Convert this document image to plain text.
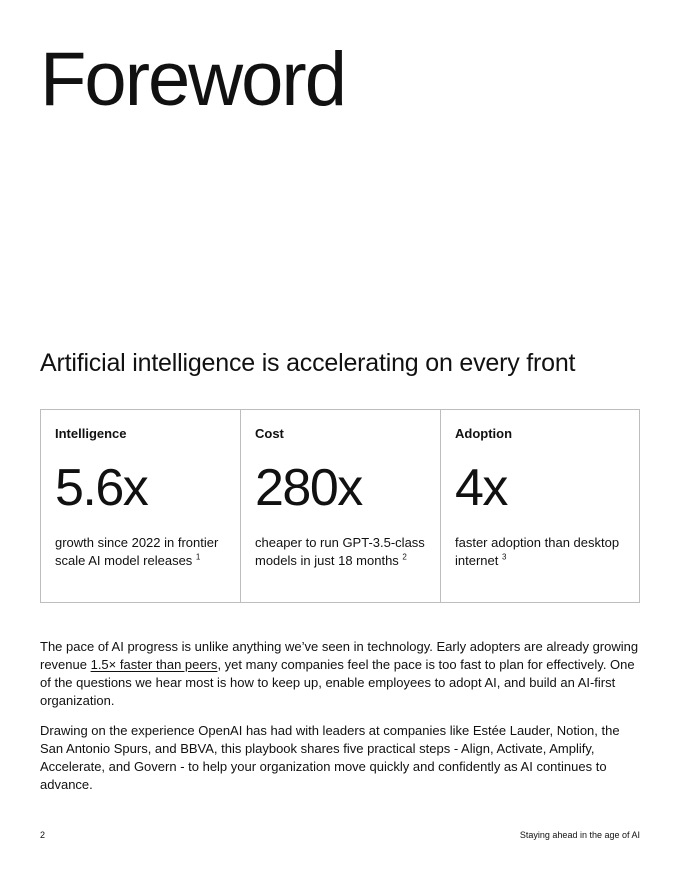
Foreword
Artificial intelligence is accelerating on every front
Intelligence
5.6x
growth since 2022 in frontier scale AI model releases $^1$
Cost
280x
cheaper to run GPT-3.5-class models in just 18 months $^2$
Adoption
4x
faster adoption than desktop internet $^3$

The pace of AI progress is unlike anything we’ve seen in technology. Early adopters are already growing revenue 1.5× faster than peers, yet many companies feel the pace is too fast to plan for effectively. One of the questions we hear most is how to keep up, enable employees to adopt AI, and build an AI-first organization.

Drawing on the experience OpenAI has had with leaders at companies like Estée Lauder, Notion, the San Antonio Spurs, and BBVA, this playbook shares five practical steps - Align, Activate, Amplify, Accelerate, and Govern - to help your organization move quickly and confidently as AI continues to advance.

2	Staying ahead in the age of AI
